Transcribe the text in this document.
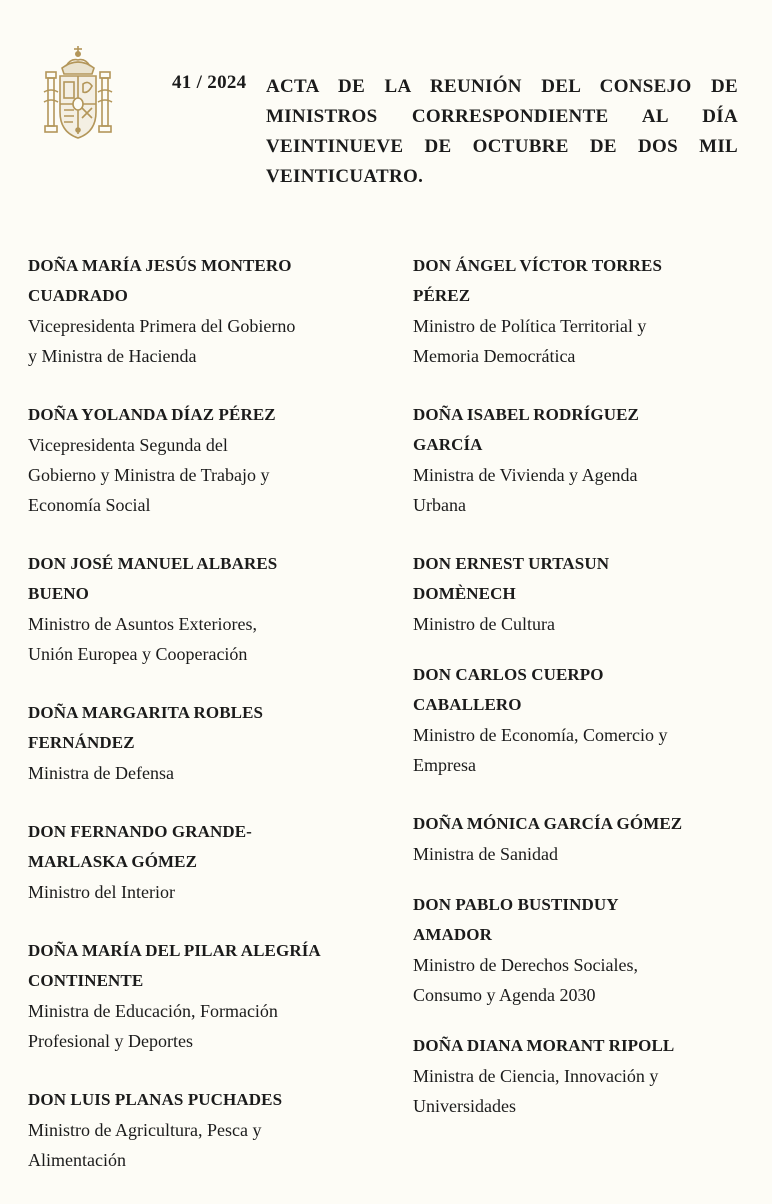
41 / 2024 ACTA DE LA REUNIÓN DEL CONSEJO DE MINISTROS CORRESPONDIENTE AL DÍA VEINTINUEVE DE OCTUBRE DE DOS MIL VEINTICUATRO.
DOÑA MARÍA JESÚS MONTERO
CUADRADO
Vicepresidenta Primera del Gobierno
y Ministra de Hacienda
DOÑA YOLANDA DÍAZ PÉREZ
Vicepresidenta Segunda del
Gobierno y Ministra de Trabajo y
Economía Social
DON JOSÉ MANUEL ALBARES
BUENO
Ministro de Asuntos Exteriores,
Unión Europea y Cooperación
DOÑA MARGARITA ROBLES
FERNÁNDEZ
Ministra de Defensa
DON FERNANDO GRANDE-
MARLASKA GÓMEZ
Ministro del Interior
DOÑA MARÍA DEL PILAR ALEGRÍA
CONTINENTE
Ministra de Educación, Formación
Profesional y Deportes
DON LUIS PLANAS PUCHADES
Ministro de Agricultura, Pesca y
Alimentación
DON ÁNGEL VÍCTOR TORRES
PÉREZ
Ministro de Política Territorial y
Memoria Democrática
DOÑA ISABEL RODRÍGUEZ
GARCÍA
Ministra de Vivienda y Agenda
Urbana
DON ERNEST URTASUN
DOMÈNECH
Ministro de Cultura
DON CARLOS CUERPO
CABALLERO
Ministro de Economía, Comercio y
Empresa
DOÑA MÓNICA GARCÍA GÓMEZ
Ministra de Sanidad
DON PABLO BUSTINDUY
AMADOR
Ministro de Derechos Sociales,
Consumo y Agenda 2030
DOÑA DIANA MORANT RIPOLL
Ministra de Ciencia, Innovación y
Universidades
